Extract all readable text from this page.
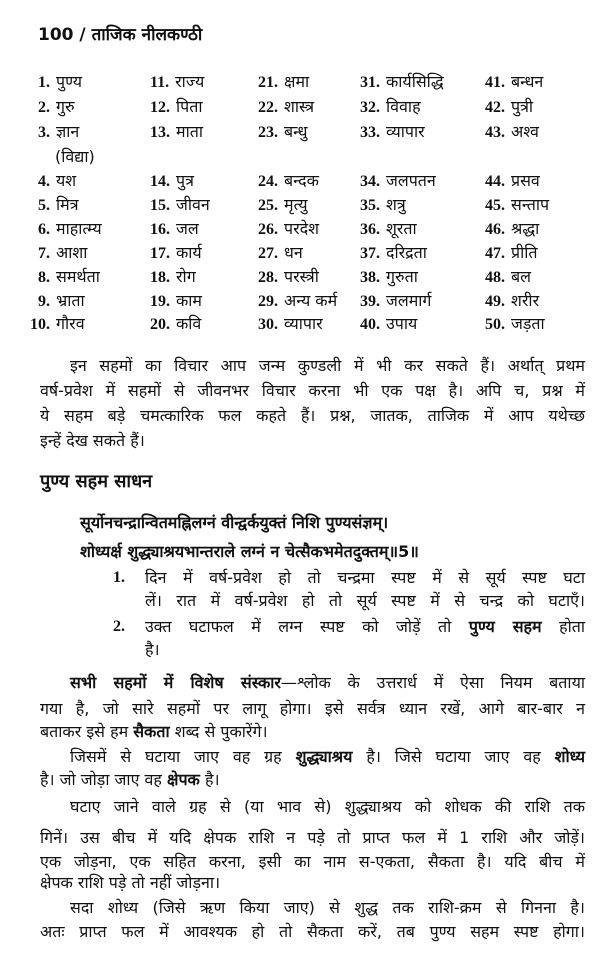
100 / ताजिक नीलकण्ठी
1. पुण्य
2. गुरु
3. ज्ञान
4. यश
5. मित्र
6. माहात्म्य
7. आशा
8. समर्थता
9. भ्राता
10. गौरव
11. राज्य
12. पिता
13. माता
14. पुत्र
15. जीवन
16. जल
17. कार्य
18. रोग
19. काम
20. कवि
21. क्षमा
22. शास्त्र
23. बन्धु
24. बन्दक
25. मृत्यु
26. परदेश
27. धन
28. परस्त्री
29. अन्य कर्म
30. व्यापार
31. कार्यसिद्धि
32. विवाह
33. व्यापार
34. जलपतन
35. शत्रु
36. शूरता
37. दरिद्रता
38. गुरुता
39. जलमार्ग
40. उपाय
41. बन्धन
42. पुत्री
43. अश्व
44. प्रसव
45. सन्ताप
46. श्रद्धा
47. प्रीति
48. बल
49. शरीर
50. जड़ता
(विद्या)
इन सहमों का विचार आप जन्म कुण्डली में भी कर सकते हैं। अर्थात् प्रथम
वर्ष-प्रवेश में सहमों से जीवनभर विचार करना भी एक पक्ष है। अपि च, प्रश्न में
ये सहम बड़े चमत्कारिक फल कहते हैं। प्रश्न, जातक, ताजिक में आप यथेच्छ
इन्हें देख सकते हैं।
पुण्य सहम साधन
सूर्योनचन्द्रान्वितमह्निलग्नं वीन्द्वर्कयुक्तं निशि पुण्यसंज्ञम्।
शोध्यर्क्ष शुद्ध्याश्रयभान्तराले लग्नं न चेत्सैकभमेतदुक्तम्॥5॥
1. दिन में वर्ष-प्रवेश हो तो चन्द्रमा स्पष्ट में से सूर्य स्पष्ट घटा
लें। रात में वर्ष-प्रवेश हो तो सूर्य स्पष्ट में से चन्द्र को घटाएँ।
2. उक्त घटाफल में लग्न स्पष्ट को जोड़ें तो पुण्य सहम होता
है।
सभी सहमों में विशेष संस्कार—श्लोक के उत्तरार्ध में ऐसा नियम बताया
गया है, जो सारे सहमों पर लागू होगा। इसे सर्वत्र ध्यान रखें, आगे बार-बार न
बताकर इसे हम सैकता शब्द से पुकारेंगे।
जिसमें से घटाया जाए वह ग्रह शुद्ध्याश्रय है। जिसे घटाया जाए वह शोध्य
है। जो जोड़ा जाए वह क्षेपक है।
घटाए जाने वाले ग्रह से (या भाव से) शुद्ध्याश्रय को शोधक की राशि तक
गिनें। उस बीच में यदि क्षेपक राशि न पड़े तो प्राप्त फल में 1 राशि और जोड़ें।
एक जोड़ना, एक सहित करना, इसी का नाम स-एकता, सैकता है। यदि बीच में
क्षेपक राशि पड़े तो नहीं जोड़ना।
सदा शोध्य (जिसे ऋण किया जाए) से शुद्ध तक राशि-क्रम से गिनना है।
अतः प्राप्त फल में आवश्यक हो तो सैकता करें, तब पुण्य सहम स्पष्ट होगा।
